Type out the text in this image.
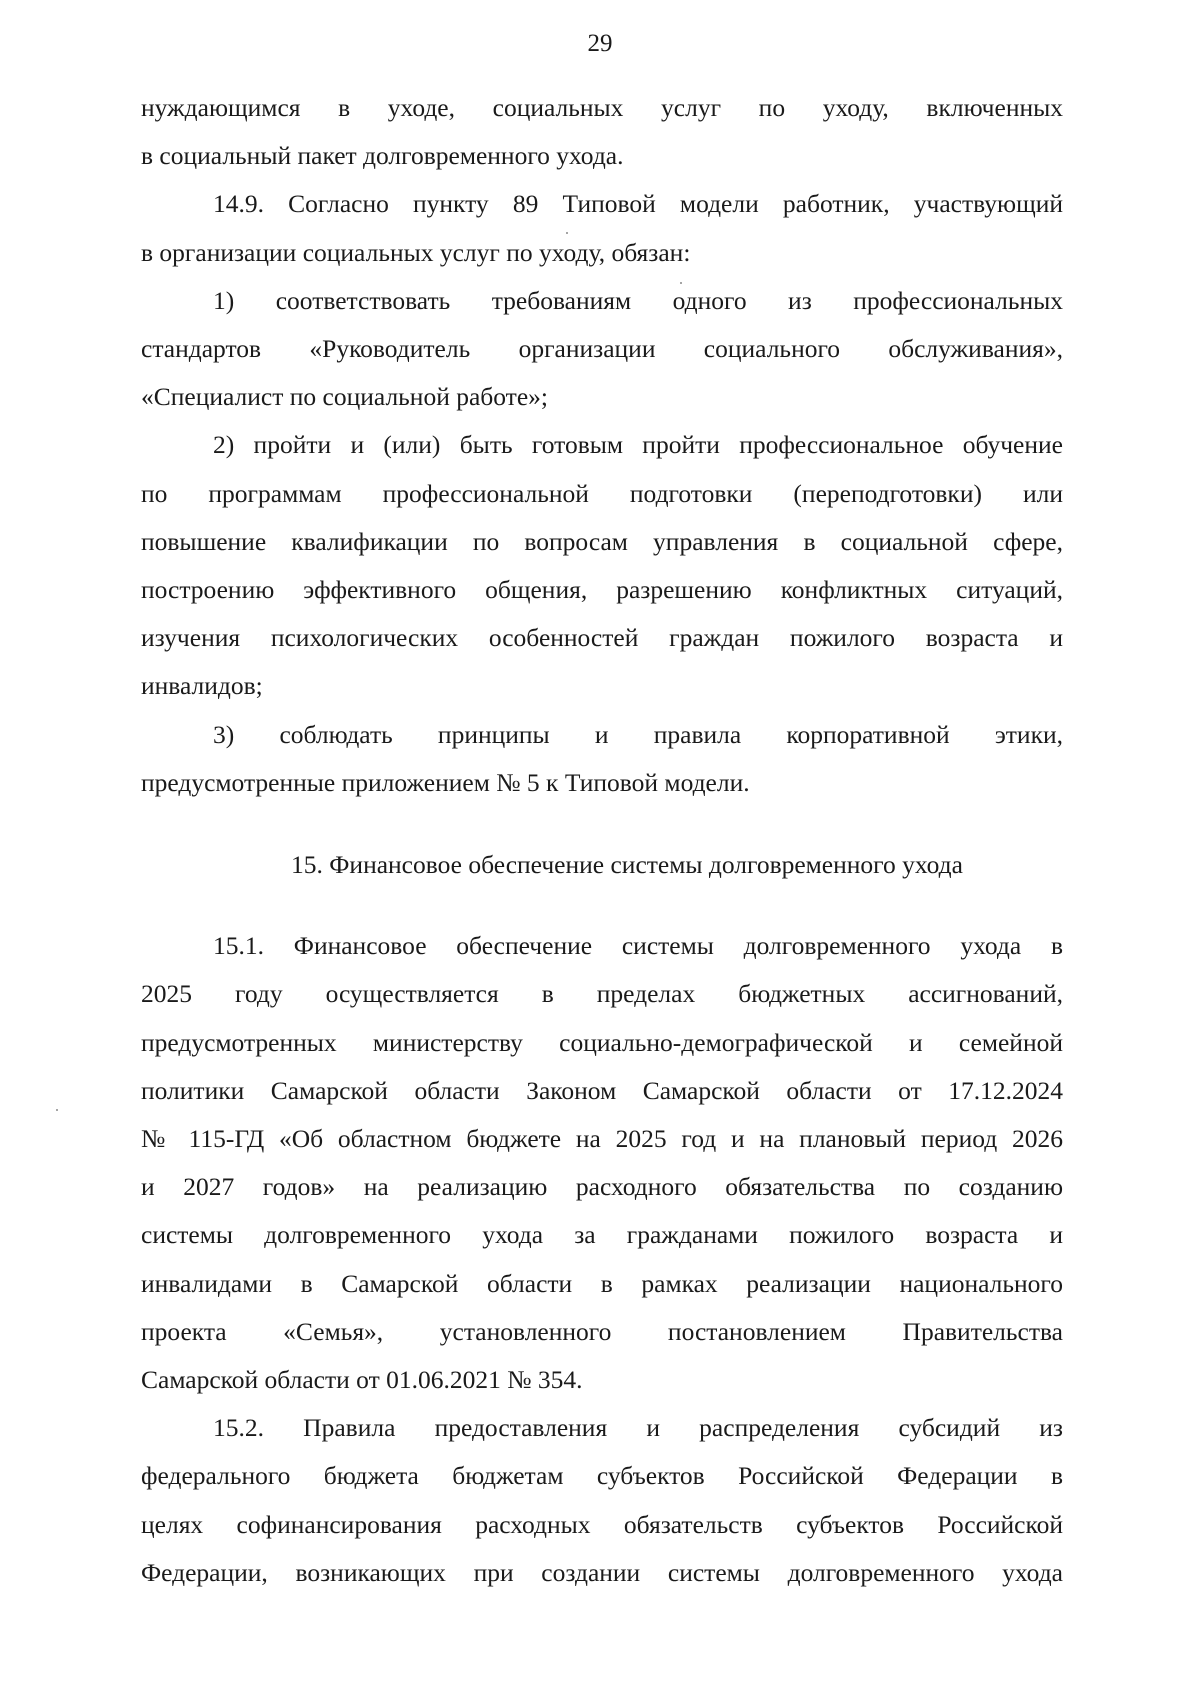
29

нуждающимся в уходе, социальных услуг по уходу, включенных
в социальный пакет долговременного ухода.

14.9. Согласно пункту 89 Типовой модели работник, участвующий
в организации социальных услуг по уходу, обязан:

1) соответствовать требованиям одного из профессиональных
стандартов «Руководитель организации социального обслуживания»,
«Специалист по социальной работе»;

2) пройти и (или) быть готовым пройти профессиональное обучение
по программам профессиональной подготовки (переподготовки) или
повышение квалификации по вопросам управления в социальной сфере,
построению эффективного общения, разрешению конфликтных ситуаций,
изучения психологических особенностей граждан пожилого возраста и
инвалидов;

3) соблюдать принципы и правила корпоративной этики,
предусмотренные приложением № 5 к Типовой модели.

15. Финансовое обеспечение системы долговременного ухода

15.1. Финансовое обеспечение системы долговременного ухода в
2025 году осуществляется в пределах бюджетных ассигнований,
предусмотренных министерству социально-демографической и семейной
политики Самарской области Законом Самарской области от 17.12.2024
№ 115-ГД «Об областном бюджете на 2025 год и на плановый период 2026
и 2027 годов» на реализацию расходного обязательства по созданию
системы долговременного ухода за гражданами пожилого возраста и
инвалидами в Самарской области в рамках реализации национального
проекта «Семья», установленного постановлением Правительства
Самарской области от 01.06.2021 № 354.

15.2. Правила предоставления и распределения субсидий из
федерального бюджета бюджетам субъектов Российской Федерации в
целях софинансирования расходных обязательств субъектов Российской
Федерации, возникающих при создании системы долговременного ухода
